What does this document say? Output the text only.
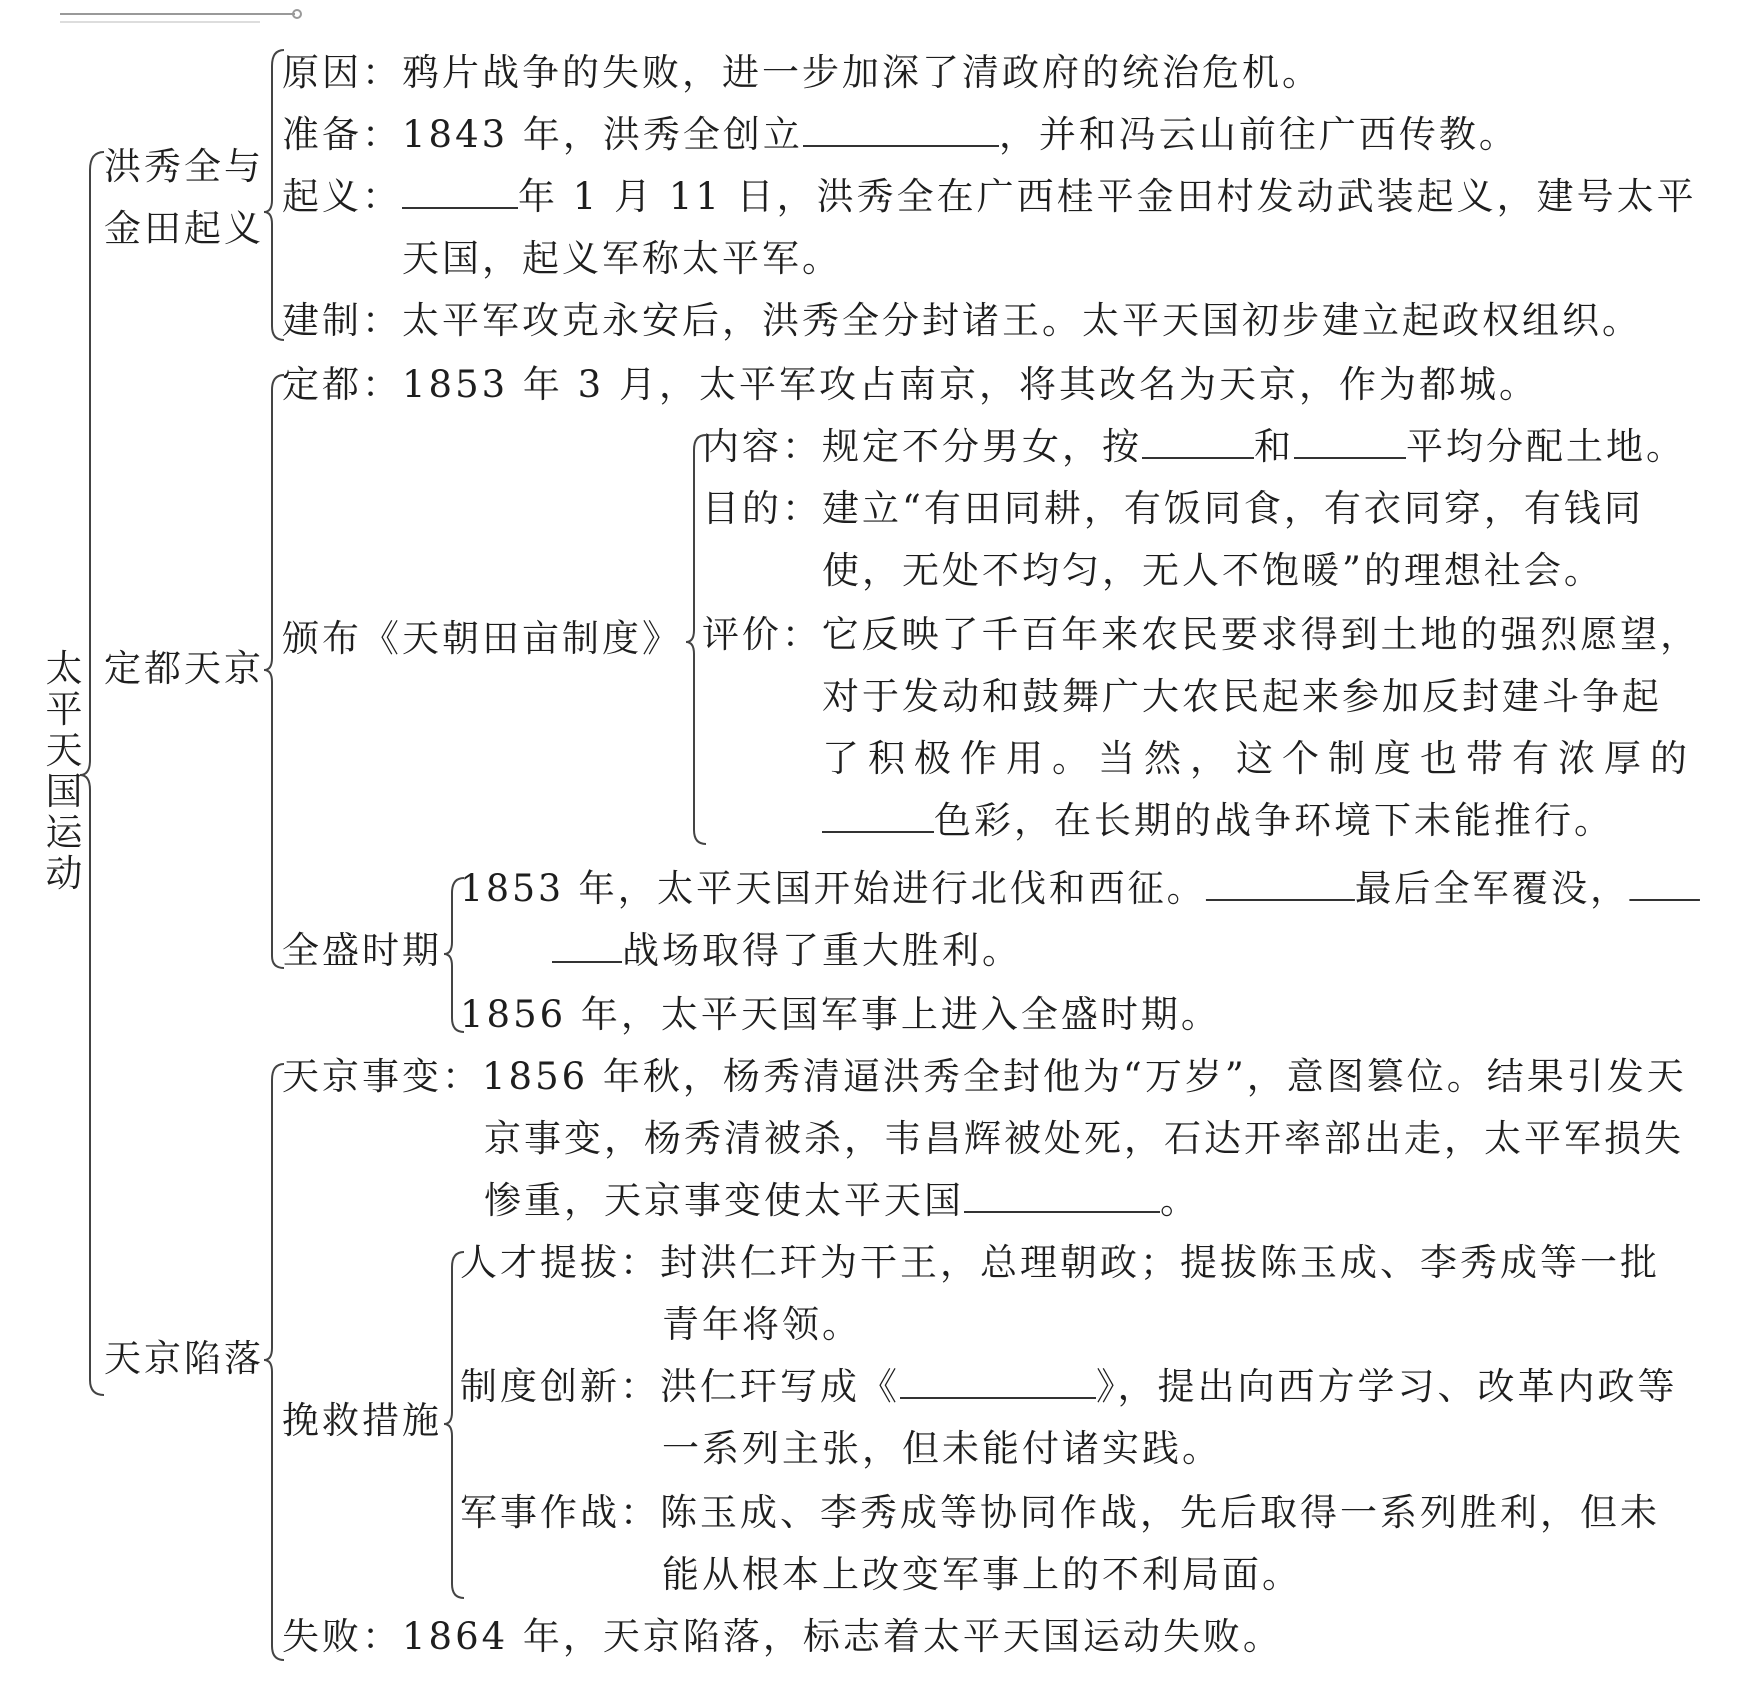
太平天国运动
洪秀全与
金田起义
原因：鸦片战争的失败，进一步加深了清政府的统治危机。
准备：1843 年，洪秀全创立	，并和冯云山前往广西传教。
起义：	年 1 月 11 日，洪秀全在广西桂平金田村发动武装起义，建号太平
天国，起义军称太平军。
建制：太平军攻克永安后，洪秀全分封诸王。太平天国初步建立起政权组织。
定都天京
定都：1853 年 3 月，太平军攻占南京，将其改名为天京，作为都城。
颁布《天朝田亩制度》
内容：规定不分男女，按	和	平均分配土地。
目的：建立“有田同耕，有饭同食，有衣同穿，有钱同
使，无处不均匀，无人不饱暖”的理想社会。
评价：它反映了千百年来农民要求得到土地的强烈愿望，
对于发动和鼓舞广大农民起来参加反封建斗争起
了积极作用。当然，这个制度也带有浓厚的
色彩，在长期的战争环境下未能推行。
全盛时期
1853 年，太平天国开始进行北伐和西征。	最后全军覆没，
战场取得了重大胜利。
1856 年，太平天国军事上进入全盛时期。
天京陷落
天京事变：1856 年秋，杨秀清逼洪秀全封他为“万岁”，意图篡位。结果引发天
京事变，杨秀清被杀，韦昌辉被处死，石达开率部出走，太平军损失
惨重，天京事变使太平天国	。
挽救措施
人才提拔：封洪仁玕为干王，总理朝政；提拔陈玉成、李秀成等一批
青年将领。
制度创新：洪仁玕写成《	》，提出向西方学习、改革内政等
一系列主张，但未能付诸实践。
军事作战：陈玉成、李秀成等协同作战，先后取得一系列胜利，但未
能从根本上改变军事上的不利局面。
失败：1864 年，天京陷落，标志着太平天国运动失败。
